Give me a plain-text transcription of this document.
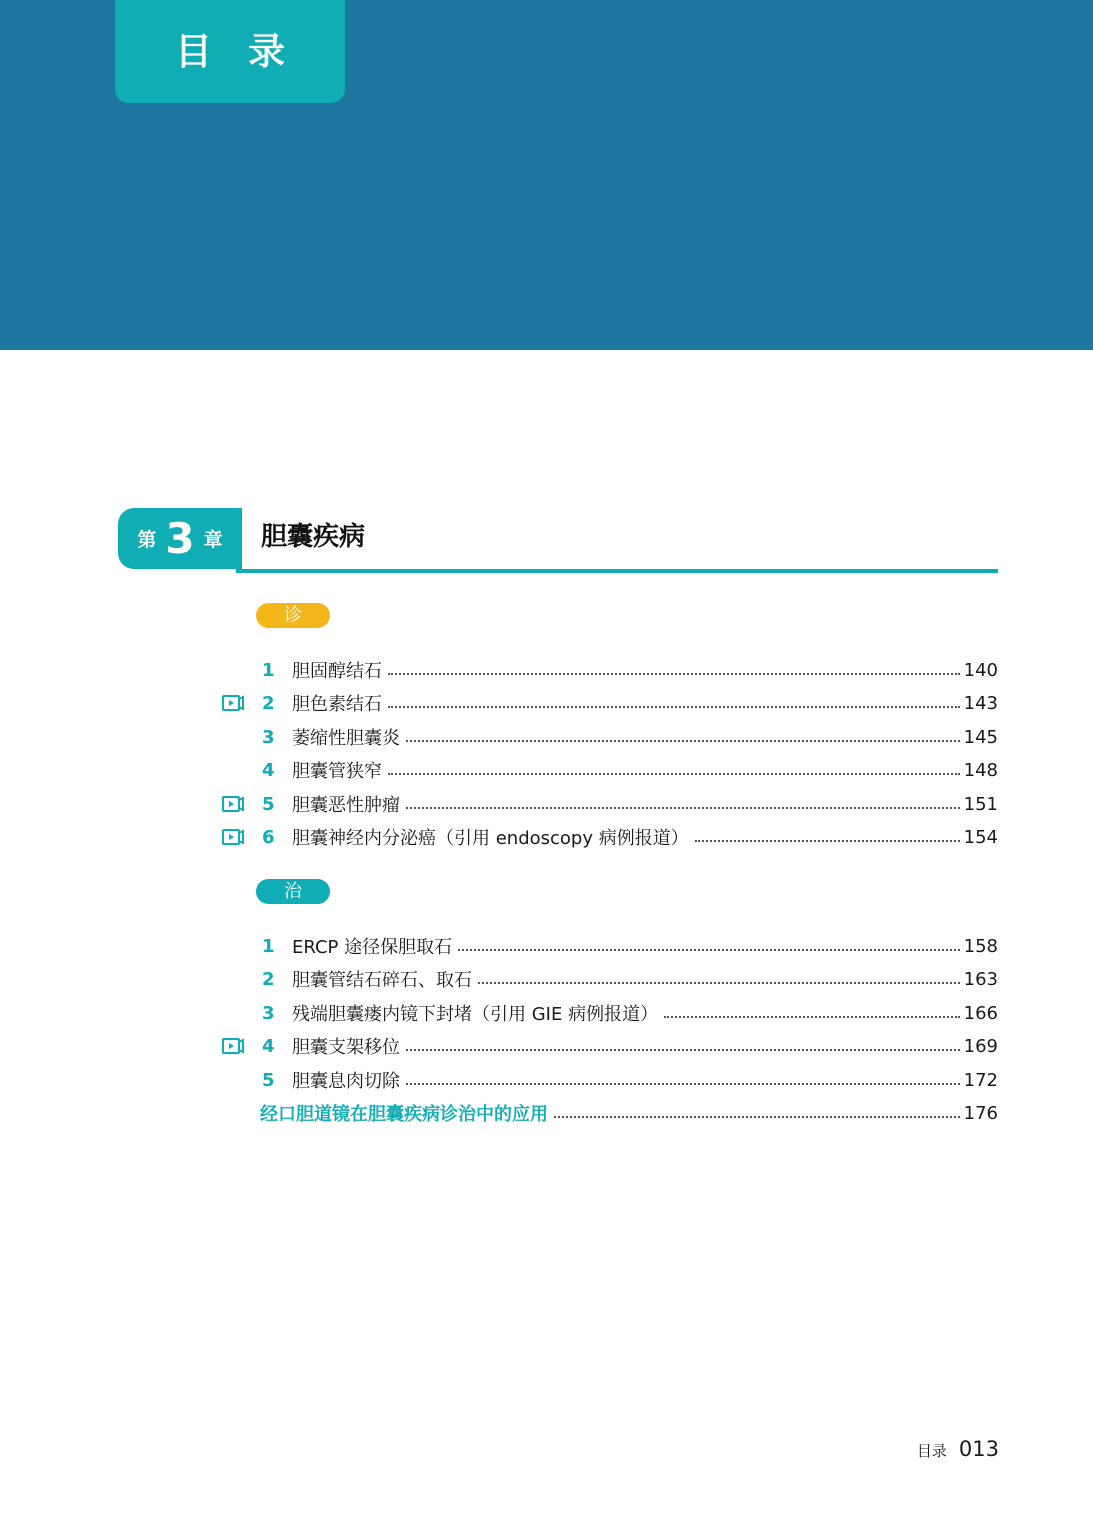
目录
第 3 章 胆囊疾病
诊断
治疗
1 胆固醇结石	140
2 胆色素结石	143
3 萎缩性胆囊炎	145
4 胆囊管狭窄	148
5 胆囊恶性肿瘤	151
6 胆囊神经内分泌癌（引用 endoscopy 病例报道）	154
1 ERCP 途径保胆取石	158
2 胆囊管结石碎石、取石	163
3 残端胆囊瘘内镜下封堵（引用 GIE 病例报道）	166
4 胆囊支架移位	169
5 胆囊息肉切除	172
经口胆道镜在胆囊疾病诊治中的应用	176
目录 013
